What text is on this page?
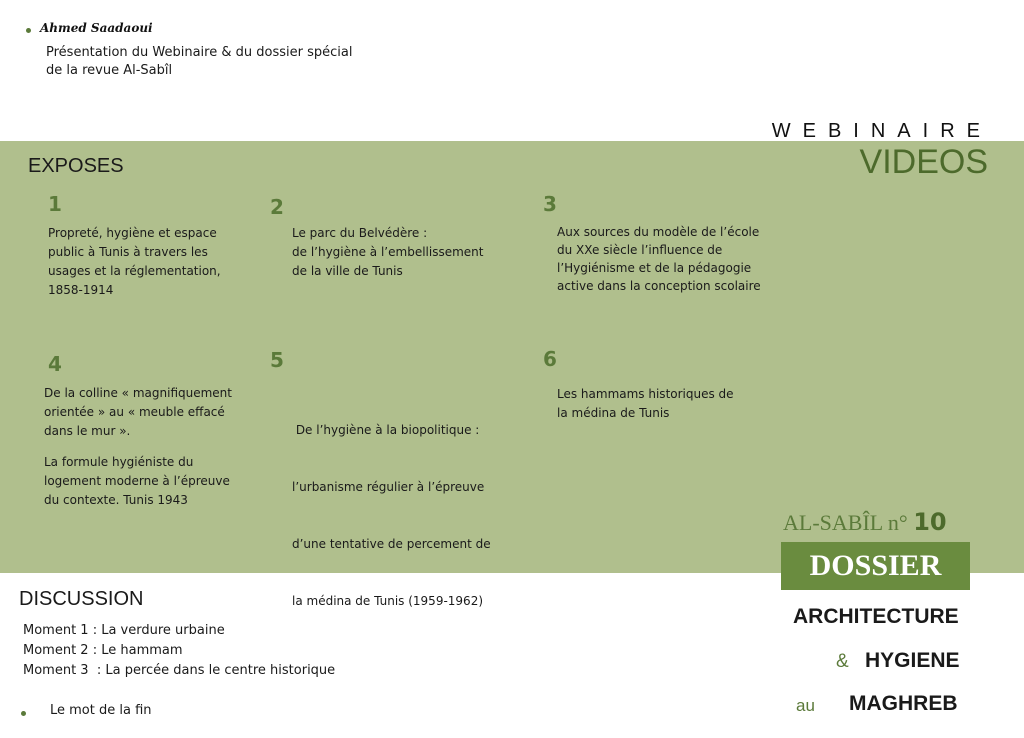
Ahmed Saadaoui
Présentation du Webinaire & du dossier spécial
de la revue Al-Sabîl
WEBINAIRE
VIDEOS
EXPOSES
1
Propreté, hygiène et espace
public à Tunis à travers les
usages et la réglementation,
1858-1914
2
Le parc du Belvédère :
de l’hygiène à l’embellissement
de la ville de Tunis
3
Aux sources du modèle de l’école
du XXe siècle l’influence de
l’Hygiénisme et de la pédagogie
active dans la conception scolaire
4
De la colline « magnifiquement
orientée » au « meuble effacé
dans le mur ».
La formule hygiéniste du
logement moderne à l’épreuve
du contexte. Tunis 1943
5

De l’hygiène à la biopolitique :

l’urbanisme régulier à l’épreuve

d’une tentative de percement de

la médina de Tunis (1959-1962)

6
Les hammams historiques de
la médina de Tunis
AL-SABÎL n° 10
DOSSIER
ARCHITECTURE
& HYGIENE
au MAGHREB
DISCUSSION
Moment 1 : La verdure urbaine
Moment 2 : Le hammam
Moment 3  : La percée dans le centre historique
Le mot de la fin
